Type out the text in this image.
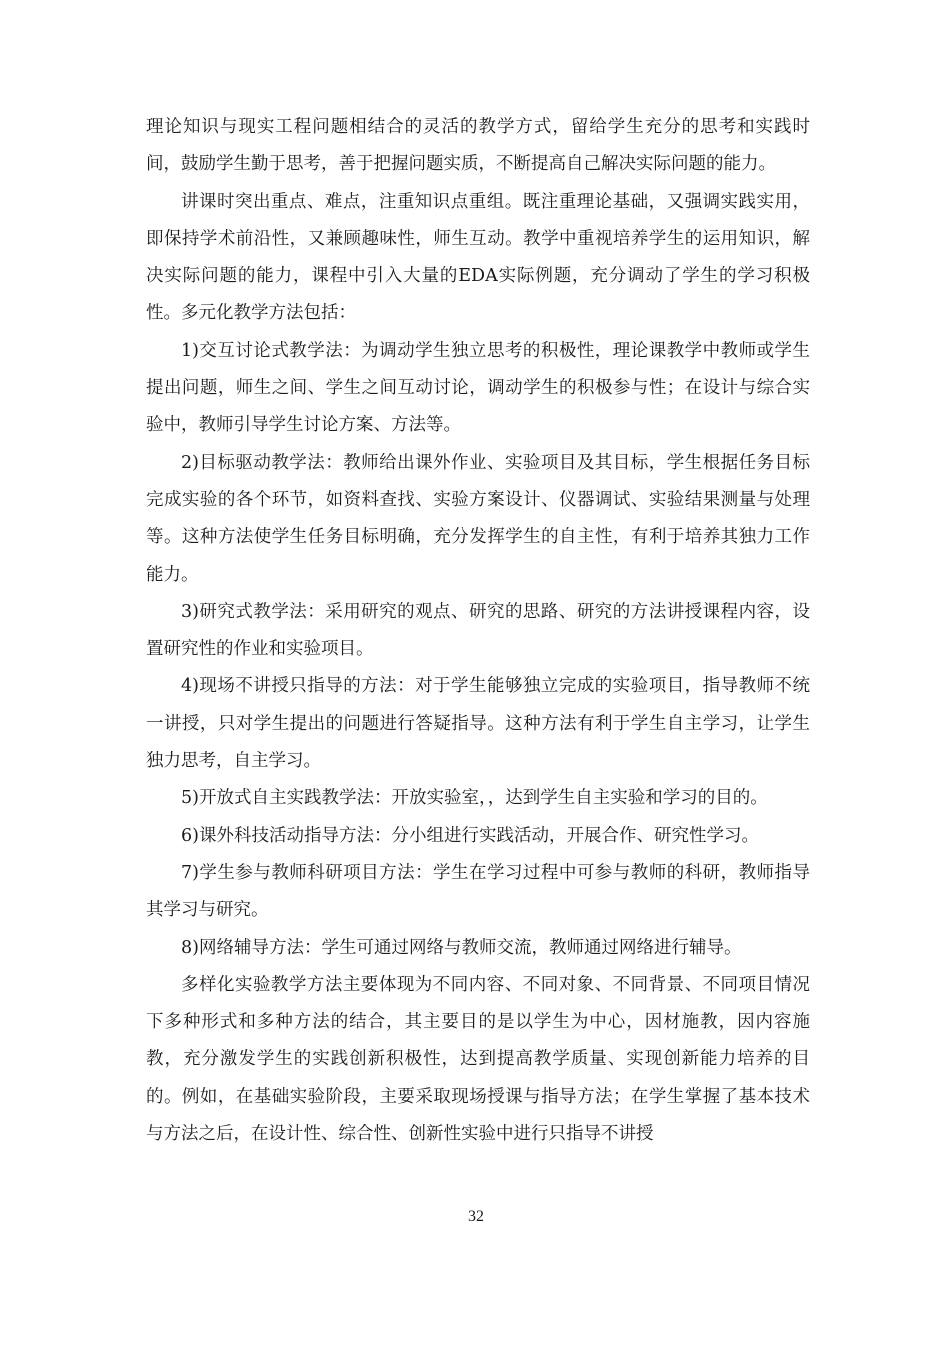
理论知识与现实工程问题相结合的灵活的教学方式，留给学生充分的思考和实践时间，鼓励学生勤于思考，善于把握问题实质，不断提高自己解决实际问题的能力。

讲课时突出重点、难点，注重知识点重组。既注重理论基础，又强调实践实用，即保持学术前沿性，又兼顾趣味性，师生互动。教学中重视培养学生的运用知识，解决实际问题的能力，课程中引入大量的EDA实际例题，充分调动了学生的学习积极性。多元化教学方法包括：

1)交互讨论式教学法：为调动学生独立思考的积极性，理论课教学中教师或学生提出问题，师生之间、学生之间互动讨论，调动学生的积极参与性；在设计与综合实验中，教师引导学生讨论方案、方法等。

2)目标驱动教学法：教师给出课外作业、实验项目及其目标，学生根据任务目标完成实验的各个环节，如资料查找、实验方案设计、仪器调试、实验结果测量与处理等。这种方法使学生任务目标明确，充分发挥学生的自主性，有利于培养其独力工作能力。

3)研究式教学法：采用研究的观点、研究的思路、研究的方法讲授课程内容，设置研究性的作业和实验项目。

4)现场不讲授只指导的方法：对于学生能够独立完成的实验项目，指导教师不统一讲授，只对学生提出的问题进行答疑指导。这种方法有利于学生自主学习，让学生独力思考，自主学习。

5)开放式自主实践教学法：开放实验室，，达到学生自主实验和学习的目的。

6)课外科技活动指导方法：分小组进行实践活动，开展合作、研究性学习。

7)学生参与教师科研项目方法：学生在学习过程中可参与教师的科研，教师指导其学习与研究。

8)网络辅导方法：学生可通过网络与教师交流，教师通过网络进行辅导。

多样化实验教学方法主要体现为不同内容、不同对象、不同背景、不同项目情况下多种形式和多种方法的结合，其主要目的是以学生为中心，因材施教，因内容施教，充分激发学生的实践创新积极性，达到提高教学质量、实现创新能力培养的目的。例如，在基础实验阶段，主要采取现场授课与指导方法；在学生掌握了基本技术与方法之后，在设计性、综合性、创新性实验中进行只指导不讲授

32
